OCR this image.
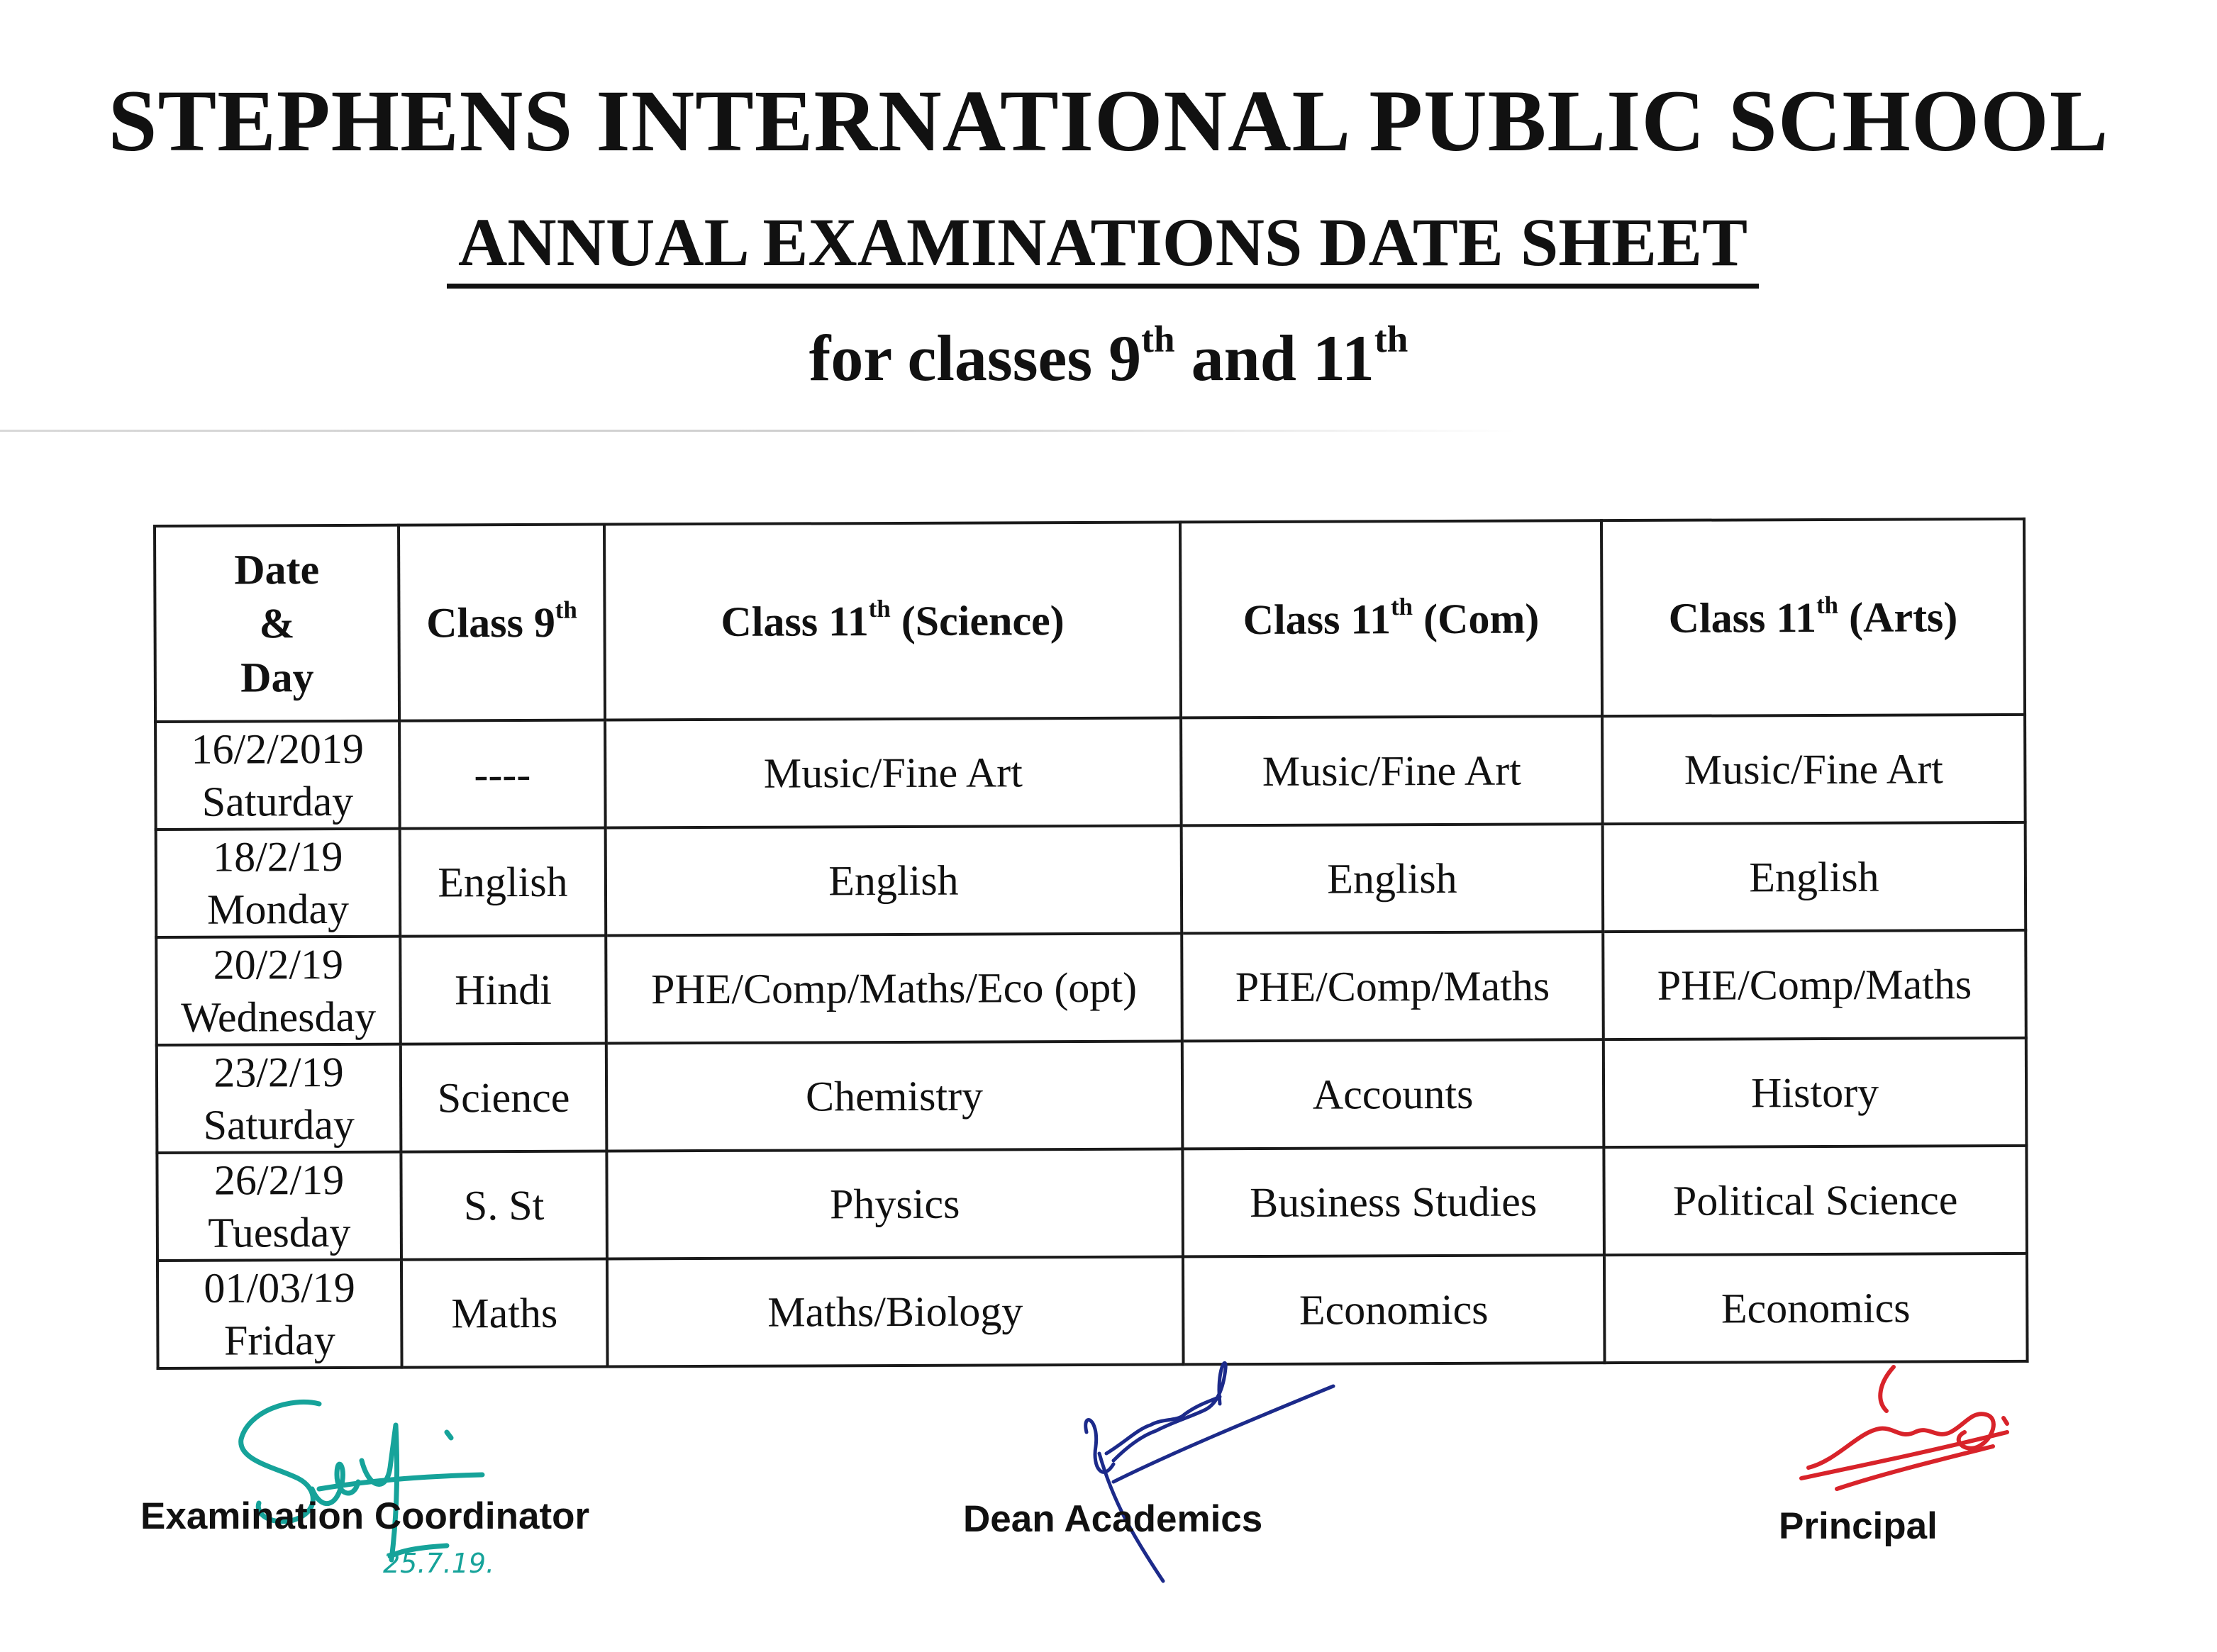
STEPHENS INTERNATIONAL PUBLIC SCHOOL
ANNUAL EXAMINATIONS DATE SHEET
for classes 9th and 11th
Date
&
Day	Class 9th	Class 11th (Science)	Class 11th (Com)	Class 11th (Arts)

16/2/2019
Saturday	----	Music/Fine Art	Music/Fine Art	Music/Fine Art

18/2/19
Monday	English	English	English	English

20/2/19
Wednesday	Hindi	PHE/Comp/Maths/Eco (opt)	PHE/Comp/Maths	PHE/Comp/Maths

23/2/19
Saturday	Science	Chemistry	Accounts	History

26/2/19
Tuesday	S. St	Physics	Business Studies	Political Science

01/03/19
Friday	Maths	Maths/Biology	Economics	Economics
25.7.19.
Examination Coordinator	Dean Academics	Principal
